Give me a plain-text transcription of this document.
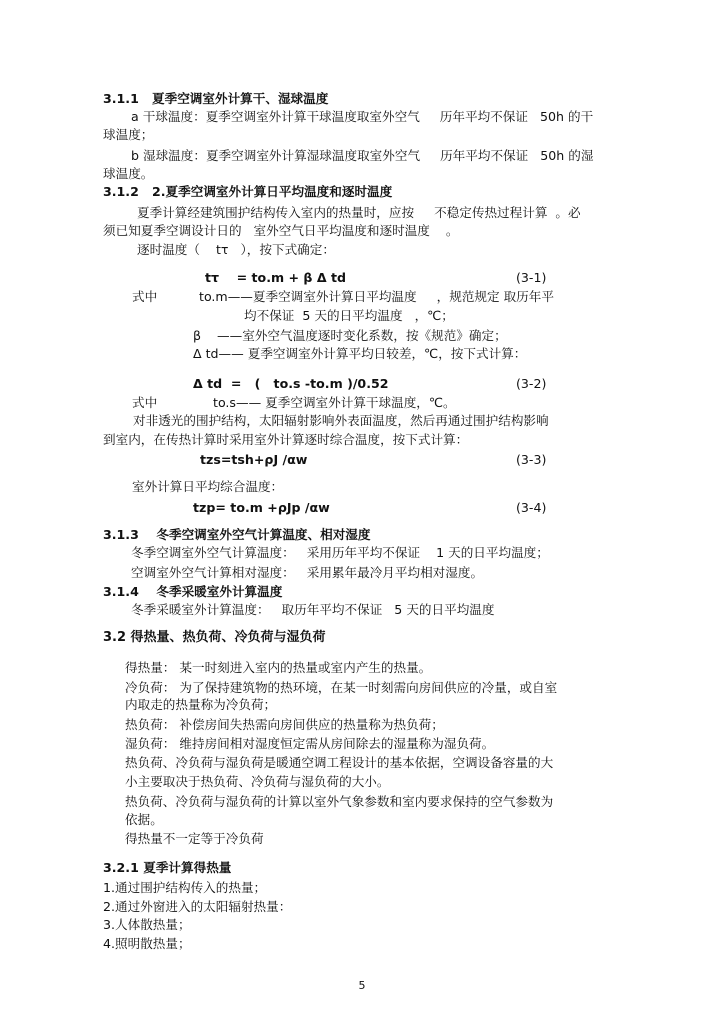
3.1.1   夏季空调室外计算干、湿球温度
a 干球温度：夏季空调室外计算干球温度取室外空气     历年平均不保证   50h 的干
球温度；
b 湿球温度：夏季空调室外计算湿球温度取室外空气     历年平均不保证   50h 的湿
球温度。
3.1.2   2.夏季空调室外计算日平均温度和逐时温度
夏季计算经建筑围护结构传入室内的热量时，应按     不稳定传热过程计算  。必
须已知夏季空调设计日的   室外空气日平均温度和逐时温度    。
逐时温度（    tτ   ），按下式确定：
tτ    = to.m + β Δ td	(3-1)
式中	to.m——夏季空调室外计算日平均温度     ，规范规定 取历年平
均不保证  5 天的日平均温度   ，℃；
β    ——室外空气温度逐时变化系数，按《规范》确定；
Δ td—— 夏季空调室外计算平均日较差，℃，按下式计算：
Δ td  =   (   to.s -to.m )/0.52	(3-2)
式中	to.s—— 夏季空调室外计算干球温度，℃。
对非透光的围护结构，太阳辐射影响外表面温度，然后再通过围护结构影响
到室内，在传热计算时采用室外计算逐时综合温度，按下式计算：
tzs=tsh+ρJ /αw	(3-3)
室外计算日平均综合温度：
tzp= to.m +ρJp /αw	(3-4)
3.1.3    冬季空调室外空气计算温度、相对湿度
冬季空调室外空气计算温度：   采用历年平均不保证    1 天的日平均温度；
空调室外空气计算相对湿度：   采用累年最冷月平均相对湿度。
3.1.4    冬季采暖室外计算温度
冬季采暖室外计算温度：   取历年平均不保证   5 天的日平均温度
3.2 得热量、热负荷、冷负荷与湿负荷
得热量： 某一时刻进入室内的热量或室内产生的热量。
冷负荷： 为了保持建筑物的热环境，在某一时刻需向房间供应的冷量，或自室
内取走的热量称为冷负荷；
热负荷： 补偿房间失热需向房间供应的热量称为热负荷；
湿负荷： 维持房间相对湿度恒定需从房间除去的湿量称为湿负荷。
热负荷、冷负荷与湿负荷是暖通空调工程设计的基本依据，空调设备容量的大
小主要取决于热负荷、冷负荷与湿负荷的大小。
热负荷、冷负荷与湿负荷的计算以室外气象参数和室内要求保持的空气参数为
依据。
得热量不一定等于冷负荷
3.2.1 夏季计算得热量
1.通过围护结构传入的热量；
2.通过外窗进入的太阳辐射热量：
3.人体散热量；
4.照明散热量；
5
